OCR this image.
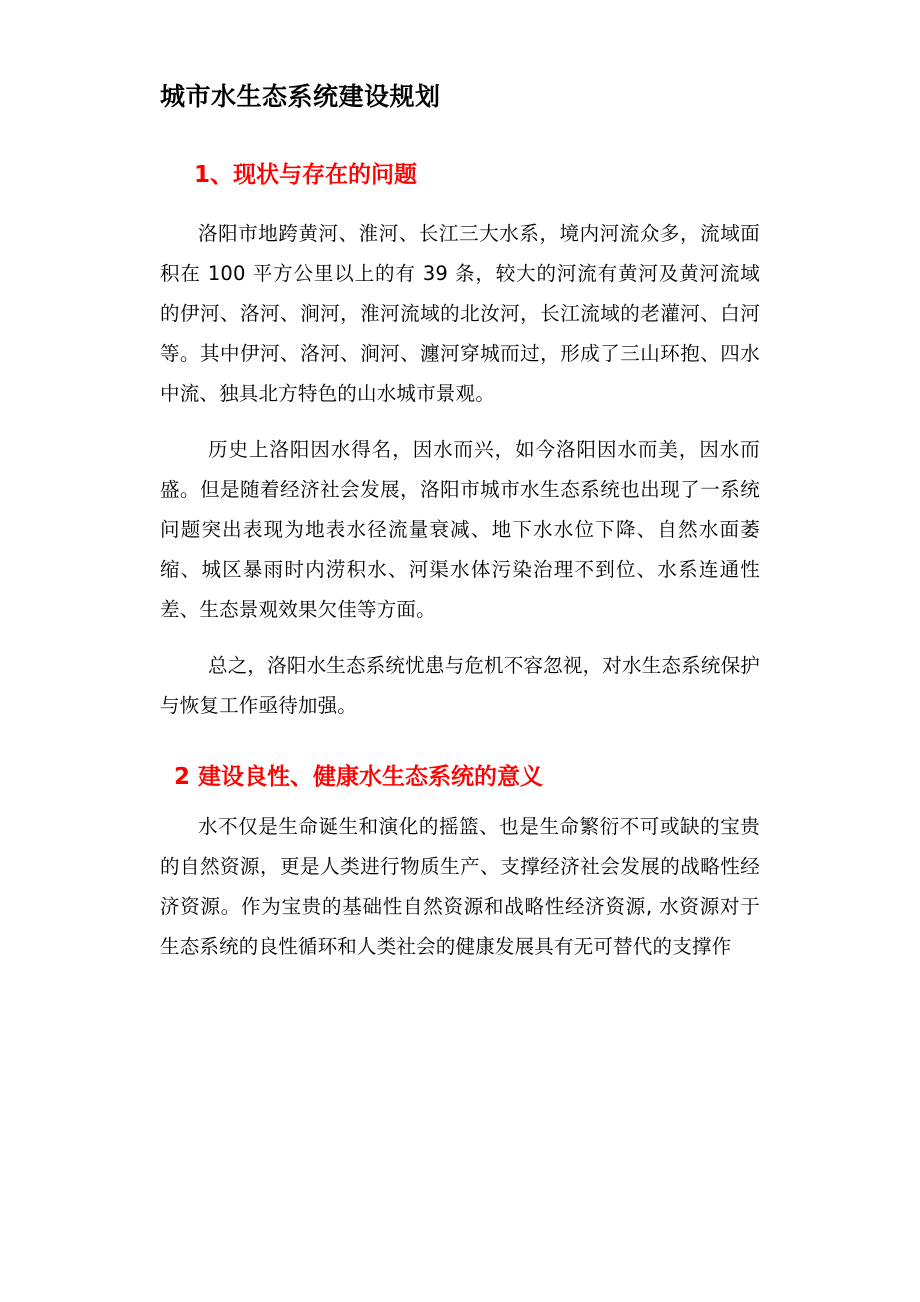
城市水生态系统建设规划
1、现状与存在的问题

洛阳市地跨黄河、淮河、长江三大水系，境内河流众多，流域面积在 100 平方公里以上的有 39 条，较大的河流有黄河及黄河流域的伊河、洛河、涧河，淮河流域的北汝河，长江流域的老灌河、白河等。其中伊河、洛河、涧河、瀍河穿城而过，形成了三山环抱、四水中流、独具北方特色的山水城市景观。

历史上洛阳因水得名，因水而兴，如今洛阳因水而美，因水而盛。但是随着经济社会发展，洛阳市城市水生态系统也出现了一系统问题突出表现为地表水径流量衰减、地下水水位下降、自然水面萎缩、城区暴雨时内涝积水、河渠水体污染治理不到位、水系连通性差、生态景观效果欠佳等方面。

总之，洛阳水生态系统忧患与危机不容忽视，对水生态系统保护与恢复工作亟待加强。

2 建设良性、健康水生态系统的意义

水不仅是生命诞生和演化的摇篮、也是生命繁衍不可或缺的宝贵的自然资源，更是人类进行物质生产、支撑经济社会发展的战略性经济资源。作为宝贵的基础性自然资源和战略性经济资源, 水资源对于生态系统的良性循环和人类社会的健康发展具有无可替代的支撑作
